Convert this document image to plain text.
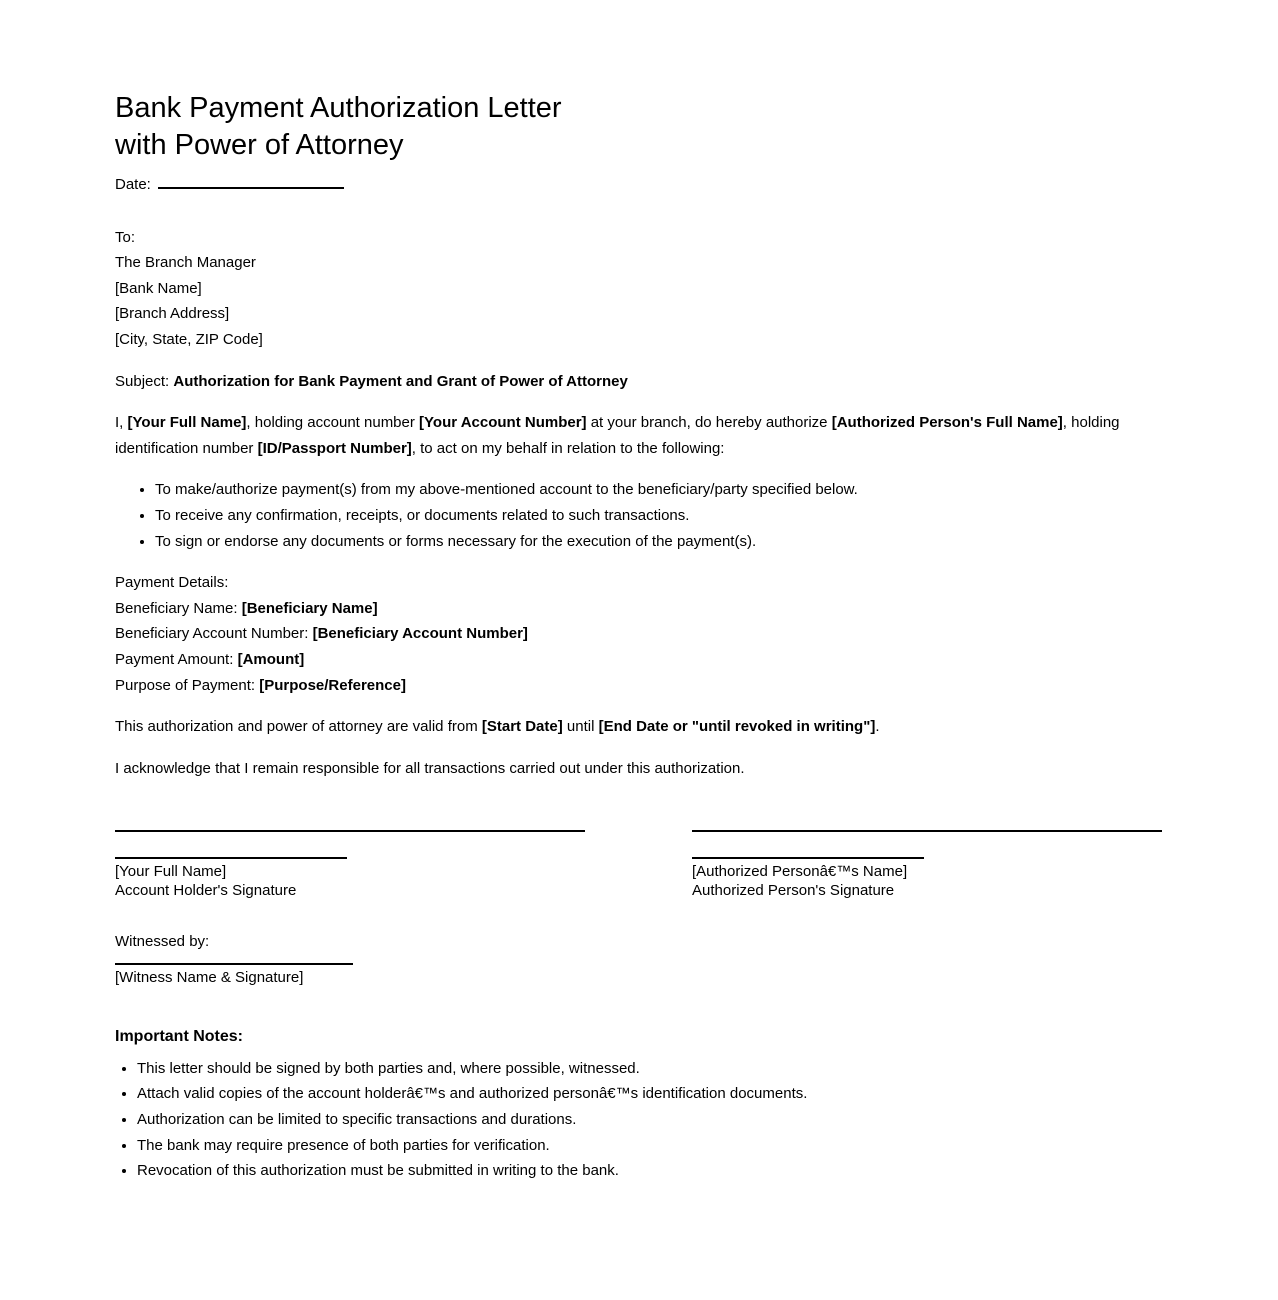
Bank Payment Authorization Letter
with Power of Attorney
Date:
To:
The Branch Manager
[Bank Name]
[Branch Address]
[City, State, ZIP Code]
Subject: Authorization for Bank Payment and Grant of Power of Attorney

I, [Your Full Name], holding account number [Your Account Number] at your branch, do hereby authorize [Authorized Person's Full Name], holding identification number [ID/Passport Number], to act on my behalf in relation to the following:

• To make/authorize payment(s) from my above-mentioned account to the beneficiary/party specified below.
• To receive any confirmation, receipts, or documents related to such transactions.
• To sign or endorse any documents or forms necessary for the execution of the payment(s).
Payment Details:
Beneficiary Name: [Beneficiary Name]
Beneficiary Account Number: [Beneficiary Account Number]
Payment Amount: [Amount]
Purpose of Payment: [Purpose/Reference]

This authorization and power of attorney are valid from [Start Date] until [End Date or "until revoked in writing"].

I acknowledge that I remain responsible for all transactions carried out under this authorization.

[Your Full Name]
Account Holder's Signature
[Authorized Personâ€™s Name]
Authorized Person's Signature
Witnessed by:
[Witness Name & Signature]
Important Notes:
• This letter should be signed by both parties and, where possible, witnessed.
• Attach valid copies of the account holderâ€™s and authorized personâ€™s identification documents.
• Authorization can be limited to specific transactions and durations.
• The bank may require presence of both parties for verification.
• Revocation of this authorization must be submitted in writing to the bank.
